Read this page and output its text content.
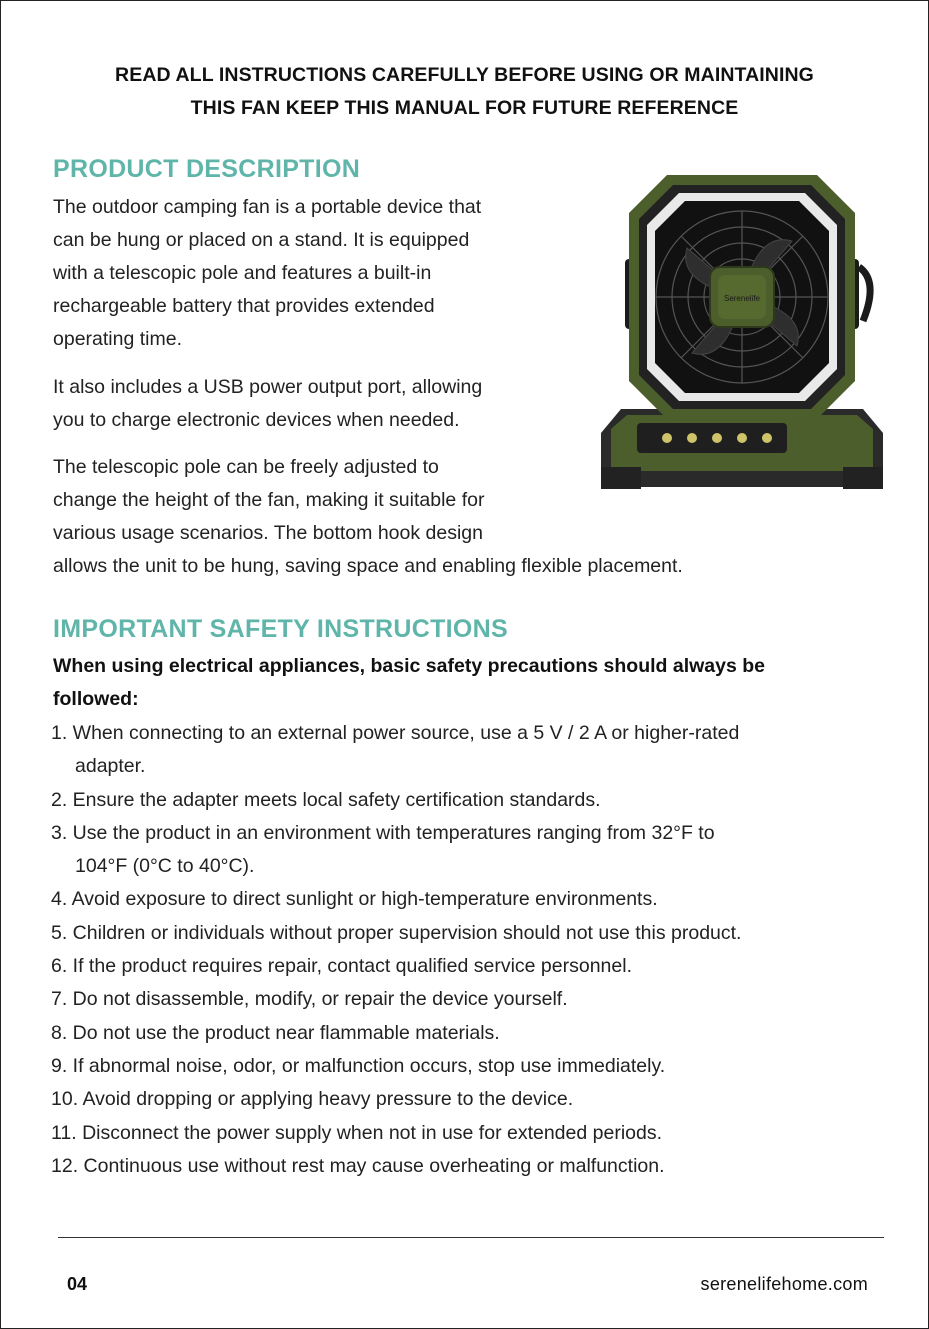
READ ALL INSTRUCTIONS CAREFULLY BEFORE USING OR MAINTAINING
THIS FAN KEEP THIS MANUAL FOR FUTURE REFERENCE
PRODUCT DESCRIPTION

The outdoor camping fan is a portable device that

can be hung or placed on a stand. It is equipped

with a telescopic pole and features a built-in

rechargeable battery that provides extended

operating time.

It also includes a USB power output port, allowing

you to charge electronic devices when needed.

The telescopic pole can be freely adjusted to

change the height of the fan, making it suitable for

various usage scenarios. The bottom hook design

allows the unit to be hung, saving space and enabling flexible placement.

Serenelife
IMPORTANT SAFETY INSTRUCTIONS
When using electrical appliances, basic safety precautions should always be
followed:
1. When connecting to an external power source, use a 5 V / 2 A or higher-rated
adapter.
2. Ensure the adapter meets local safety certification standards.
3. Use the product in an environment with temperatures ranging from 32°F to
104°F (0°C to 40°C).
4. Avoid exposure to direct sunlight or high-temperature environments.
5. Children or individuals without proper supervision should not use this product.
6. If the product requires repair, contact qualified service personnel.
7. Do not disassemble, modify, or repair the device yourself.
8. Do not use the product near flammable materials.
9. If abnormal noise, odor, or malfunction occurs, stop use immediately.
10. Avoid dropping or applying heavy pressure to the device.
11. Disconnect the power supply when not in use for extended periods.
12. Continuous use without rest may cause overheating or malfunction.
04	serenelifehome.com
